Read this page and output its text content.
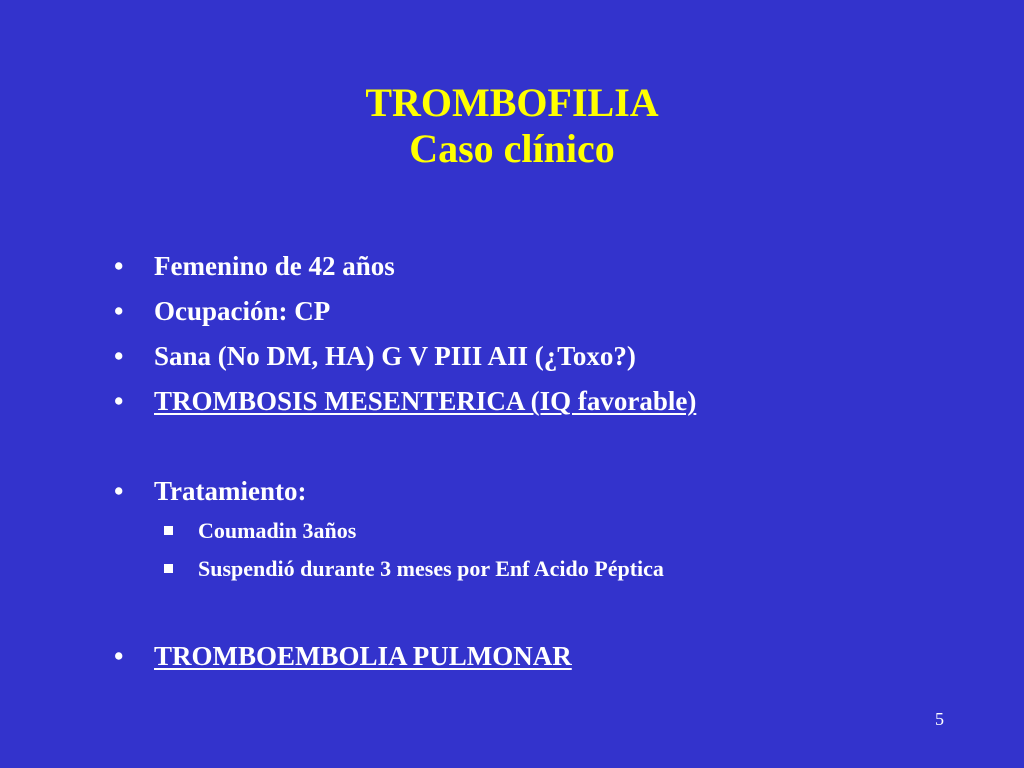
TROMBOFILIA
Caso clínico
•	Femenino de 42 años
•	Ocupación: CP
•	Sana (No DM, HA) G V PIII AII (¿Toxo?)
•	TROMBOSIS MESENTERICA (IQ favorable)
•	Tratamiento:
Coumadin 3años
Suspendió durante 3 meses por Enf Acido Péptica
•	TROMBOEMBOLIA PULMONAR
5
